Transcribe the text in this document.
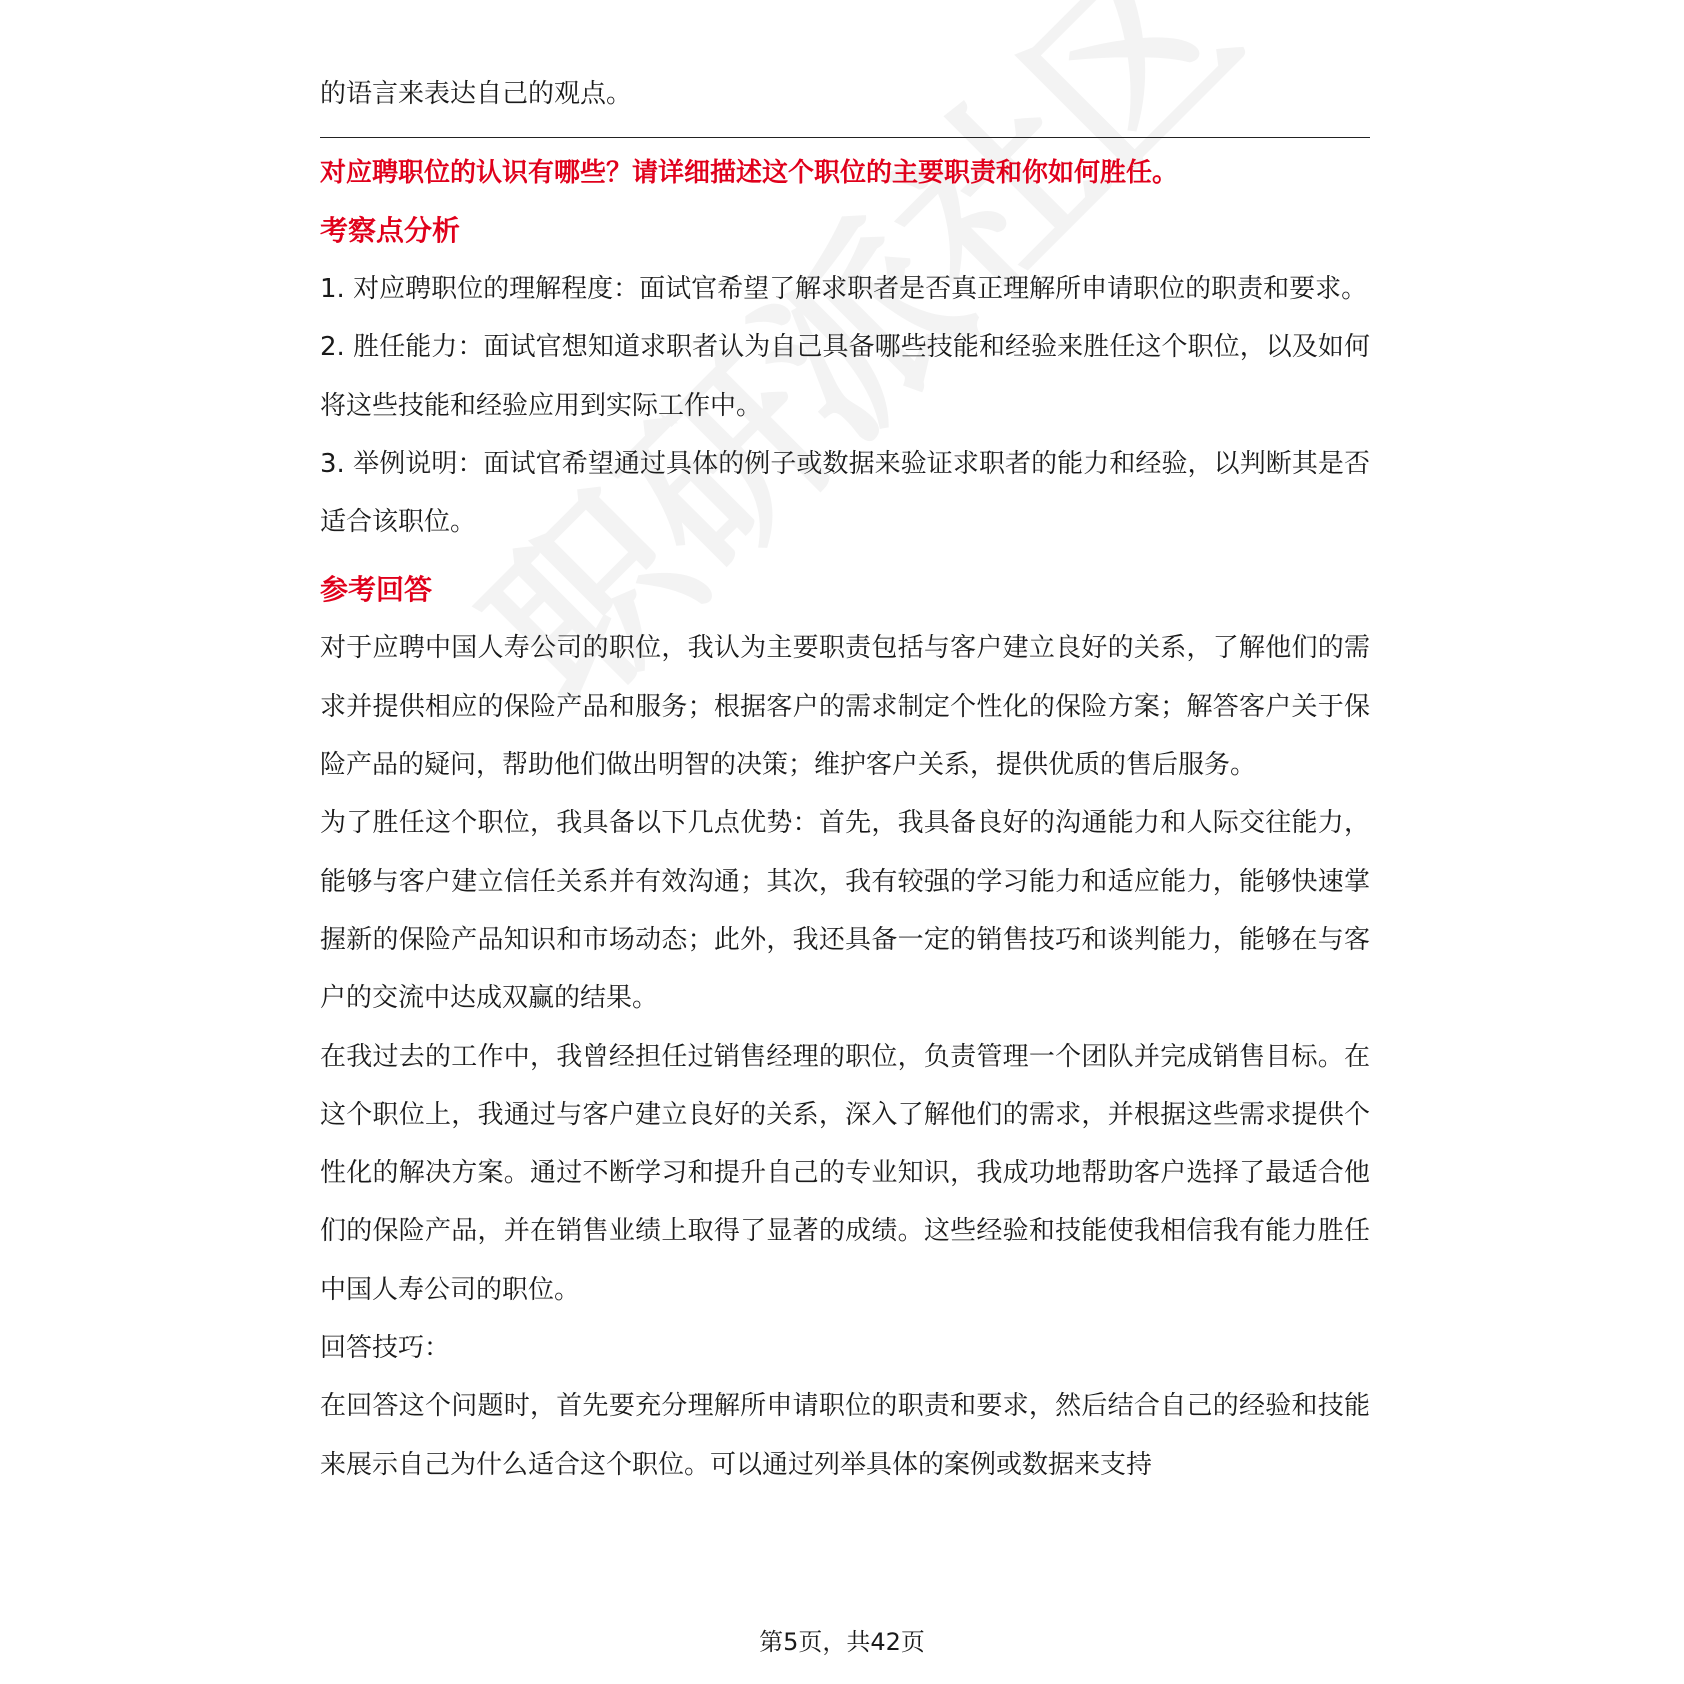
的语言来表达自己的观点。

对应聘职位的认识有哪些？请详细描述这个职位的主要职责和你如何胜任。

考察点分析

1. 对应聘职位的理解程度：面试官希望了解求职者是否真正理解所申请职位的职责和要求。

2. 胜任能力：面试官想知道求职者认为自己具备哪些技能和经验来胜任这个职位，以及如何将这些技能和经验应用到实际工作中。

3. 举例说明：面试官希望通过具体的例子或数据来验证求职者的能力和经验，以判断其是否适合该职位。

参考回答

对于应聘中国人寿公司的职位，我认为主要职责包括与客户建立良好的关系，了解他们的需求并提供相应的保险产品和服务；根据客户的需求制定个性化的保险方案；解答客户关于保险产品的疑问，帮助他们做出明智的决策；维护客户关系，提供优质的售后服务。

为了胜任这个职位，我具备以下几点优势：首先，我具备良好的沟通能力和人际交往能力，能够与客户建立信任关系并有效沟通；其次，我有较强的学习能力和适应能力，能够快速掌握新的保险产品知识和市场动态；此外，我还具备一定的销售技巧和谈判能力，能够在与客户的交流中达成双赢的结果。

在我过去的工作中，我曾经担任过销售经理的职位，负责管理一个团队并完成销售目标。在这个职位上，我通过与客户建立良好的关系，深入了解他们的需求，并根据这些需求提供个性化的解决方案。通过不断学习和提升自己的专业知识，我成功地帮助客户选择了最适合他们的保险产品，并在销售业绩上取得了显著的成绩。这些经验和技能使我相信我有能力胜任中国人寿公司的职位。

回答技巧：

在回答这个问题时，首先要充分理解所申请职位的职责和要求，然后结合自己的经验和技能来展示自己为什么适合这个职位。可以通过列举具体的案例或数据来支持

第5页，共42页
